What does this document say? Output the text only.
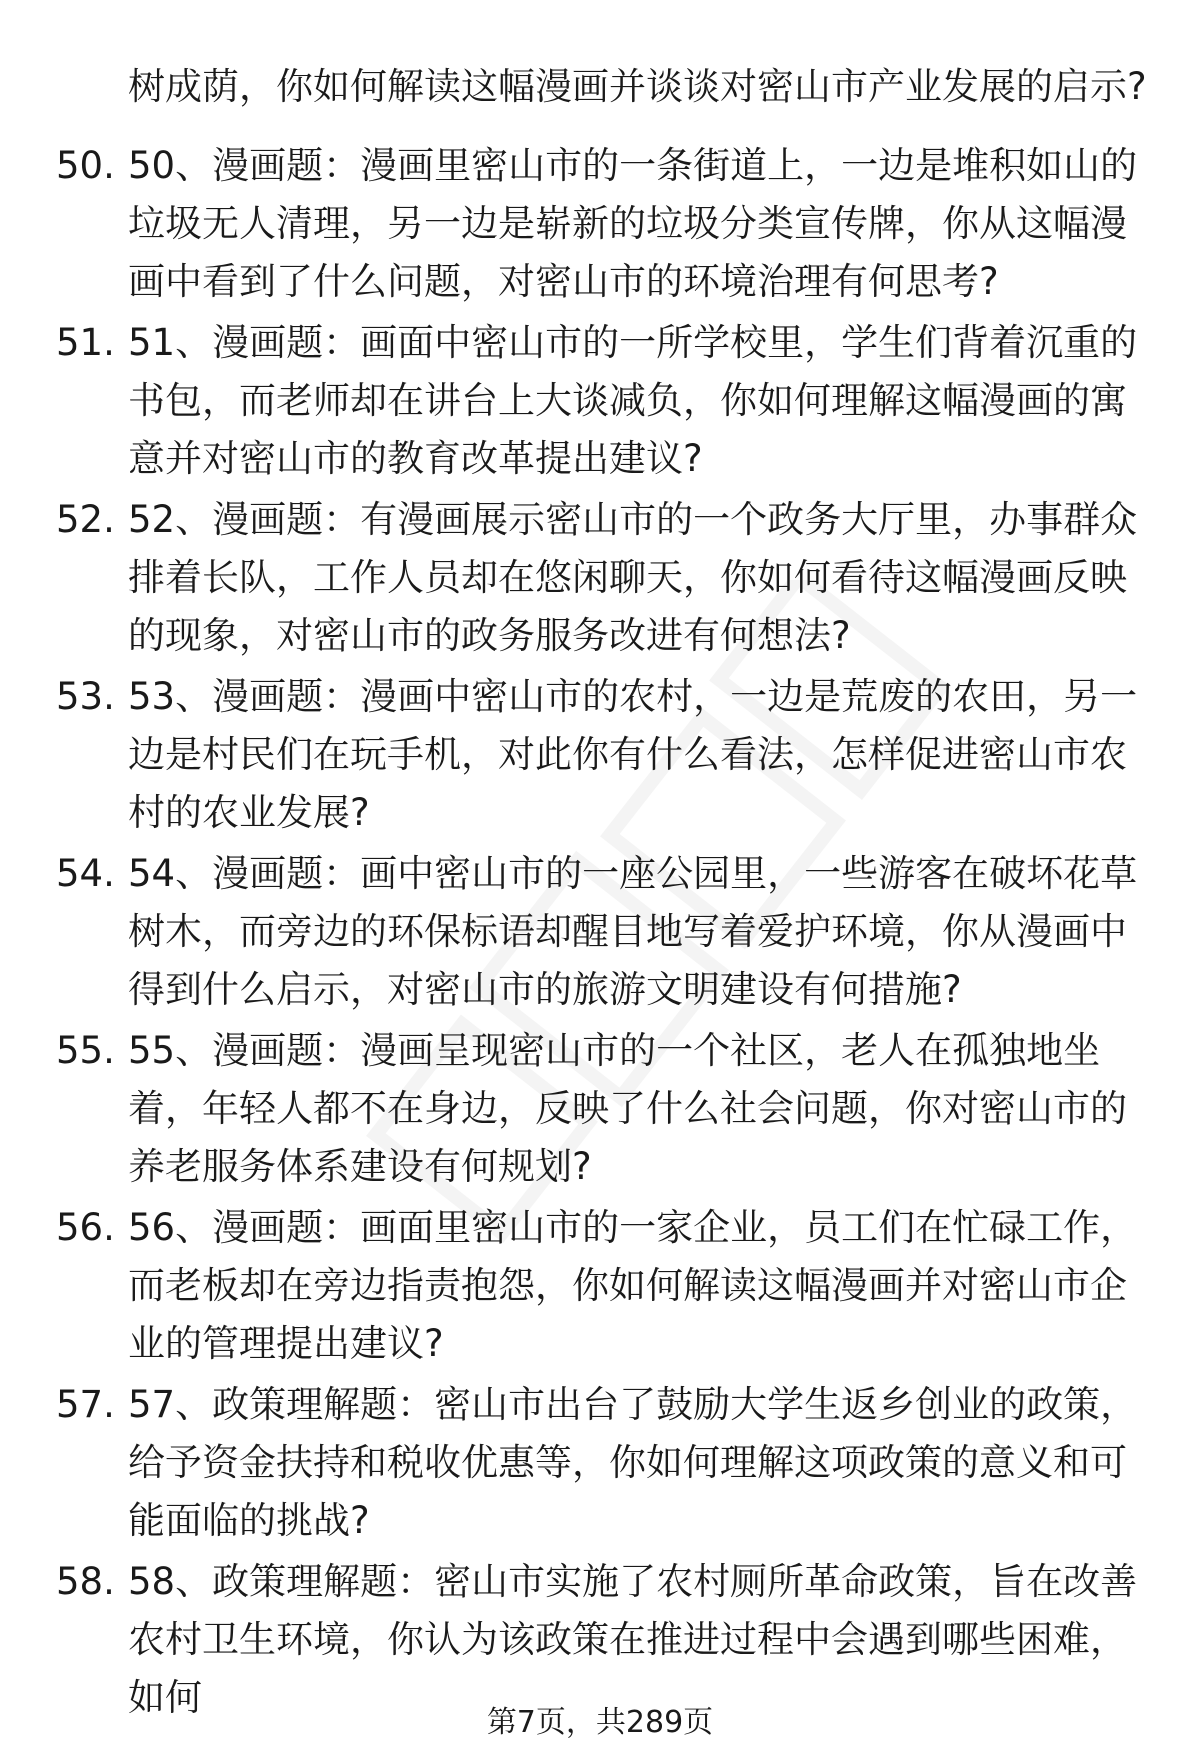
树成荫，你如何解读这幅漫画并谈谈对密山市产业发展的启示?

50. 50、漫画题：漫画里密山市的一条街道上，一边是堆积如山的垃圾无人清理，另一边是崭新的垃圾分类宣传牌，你从这幅漫画中看到了什么问题，对密山市的环境治理有何思考?

51. 51、漫画题：画面中密山市的一所学校里，学生们背着沉重的书包，而老师却在讲台上大谈减负，你如何理解这幅漫画的寓意并对密山市的教育改革提出建议?

52. 52、漫画题：有漫画展示密山市的一个政务大厅里，办事群众排着长队，工作人员却在悠闲聊天，你如何看待这幅漫画反映的现象，对密山市的政务服务改进有何想法?

53. 53、漫画题：漫画中密山市的农村，一边是荒废的农田，另一边是村民们在玩手机，对此你有什么看法，怎样促进密山市农村的农业发展?

54. 54、漫画题：画中密山市的一座公园里，一些游客在破坏花草树木，而旁边的环保标语却醒目地写着爱护环境，你从漫画中得到什么启示，对密山市的旅游文明建设有何措施?

55. 55、漫画题：漫画呈现密山市的一个社区，老人在孤独地坐着，年轻人都不在身边，反映了什么社会问题，你对密山市的养老服务体系建设有何规划?

56. 56、漫画题：画面里密山市的一家企业，员工们在忙碌工作，而老板却在旁边指责抱怨，你如何解读这幅漫画并对密山市企业的管理提出建议?

57. 57、政策理解题：密山市出台了鼓励大学生返乡创业的政策，给予资金扶持和税收优惠等，你如何理解这项政策的意义和可能面临的挑战?

58. 58、政策理解题：密山市实施了农村厕所革命政策，旨在改善农村卫生环境，你认为该政策在推进过程中会遇到哪些困难，如何

第7页，共289页
